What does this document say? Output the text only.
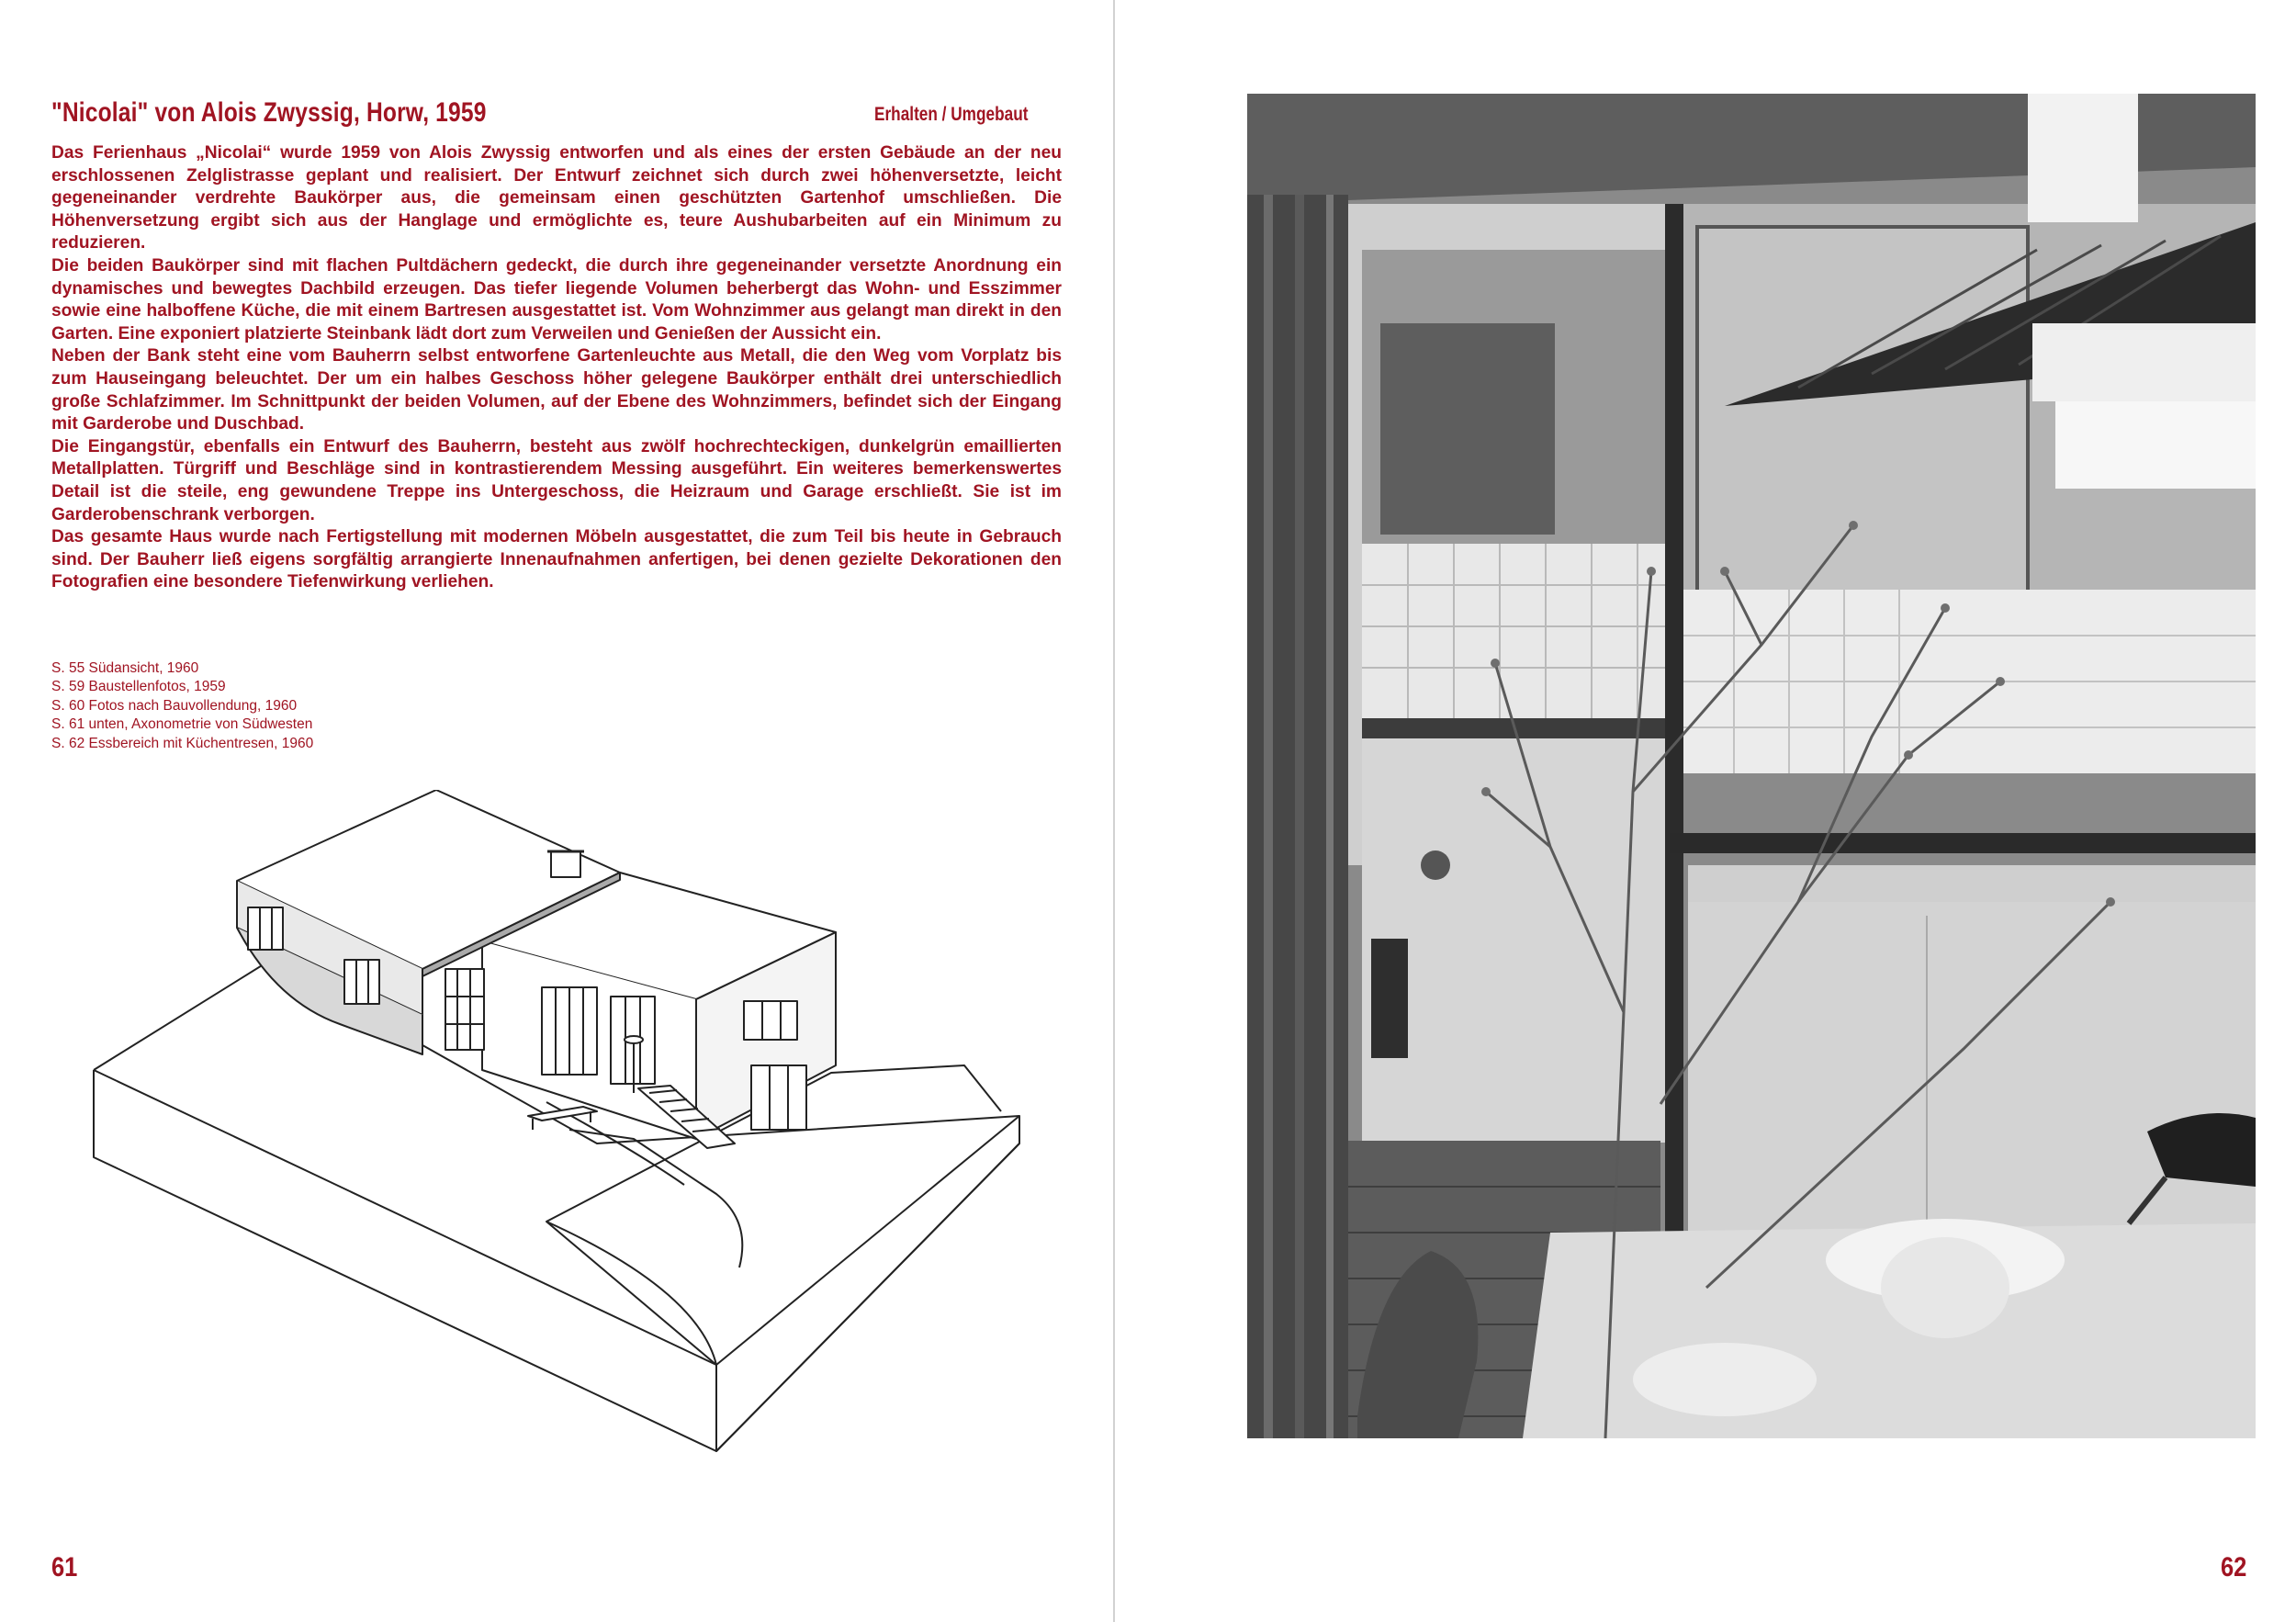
"Nicolai" von Alois Zwyssig, Horw, 1959	Erhalten / Umgebaut

Das Ferienhaus „Nicolai“ wurde 1959 von Alois Zwyssig entworfen und als eines der ersten Gebäude an der neu erschlossenen Zelglistrasse geplant und realisiert. Der Entwurf zeichnet sich durch zwei höhenversetzte, leicht gegeneinander verdrehte Baukörper aus, die gemeinsam einen geschützten Gartenhof umschließen. Die Höhenversetzung ergibt sich aus der Hanglage und ermöglichte es, teure Aushubarbeiten auf ein Minimum zu reduzieren.

Die beiden Baukörper sind mit flachen Pultdächern gedeckt, die durch ihre gegeneinander versetzte Anordnung ein dynamisches und bewegtes Dachbild erzeugen. Das tiefer liegende Volumen beherbergt das Wohn- und Esszimmer sowie eine halboffene Küche, die mit einem Bartresen ausgestattet ist. Vom Wohnzimmer aus gelangt man direkt in den Garten. Eine exponiert platzierte Steinbank lädt dort zum Verweilen und Genießen der Aussicht ein.

Neben der Bank steht eine vom Bauherrn selbst entworfene Gartenleuchte aus Metall, die den Weg vom Vorplatz bis zum Hauseingang beleuchtet. Der um ein halbes Geschoss höher gelegene Baukörper enthält drei unterschiedlich große Schlafzimmer. Im Schnittpunkt der beiden Volumen, auf der Ebene des Wohnzimmers, befindet sich der Eingang mit Garderobe und Duschbad.

Die Eingangstür, ebenfalls ein Entwurf des Bauherrn, besteht aus zwölf hochrechteckigen, dunkelgrün emaillierten Metallplatten. Türgriff und Beschläge sind in kontrastierendem Messing ausgeführt. Ein weiteres bemerkenswertes Detail ist die steile, eng gewundene Treppe ins Untergeschoss, die Heizraum und Garage erschließt. Sie ist im Garderobenschrank verborgen.

Das gesamte Haus wurde nach Fertigstellung mit modernen Möbeln ausgestattet, die zum Teil bis heute in Gebrauch sind. Der Bauherr ließ eigens sorgfältig arrangierte Innenaufnahmen anfertigen, bei denen gezielte Dekorationen den Fotografien eine besondere Tiefenwirkung verliehen.

S. 55 Südansicht, 1960
S. 59 Baustellenfotos, 1959
S. 60 Fotos nach Bauvollendung, 1960
S. 61 unten, Axonometrie von Südwesten
S. 62 Essbereich mit Küchentresen, 1960
61	62
